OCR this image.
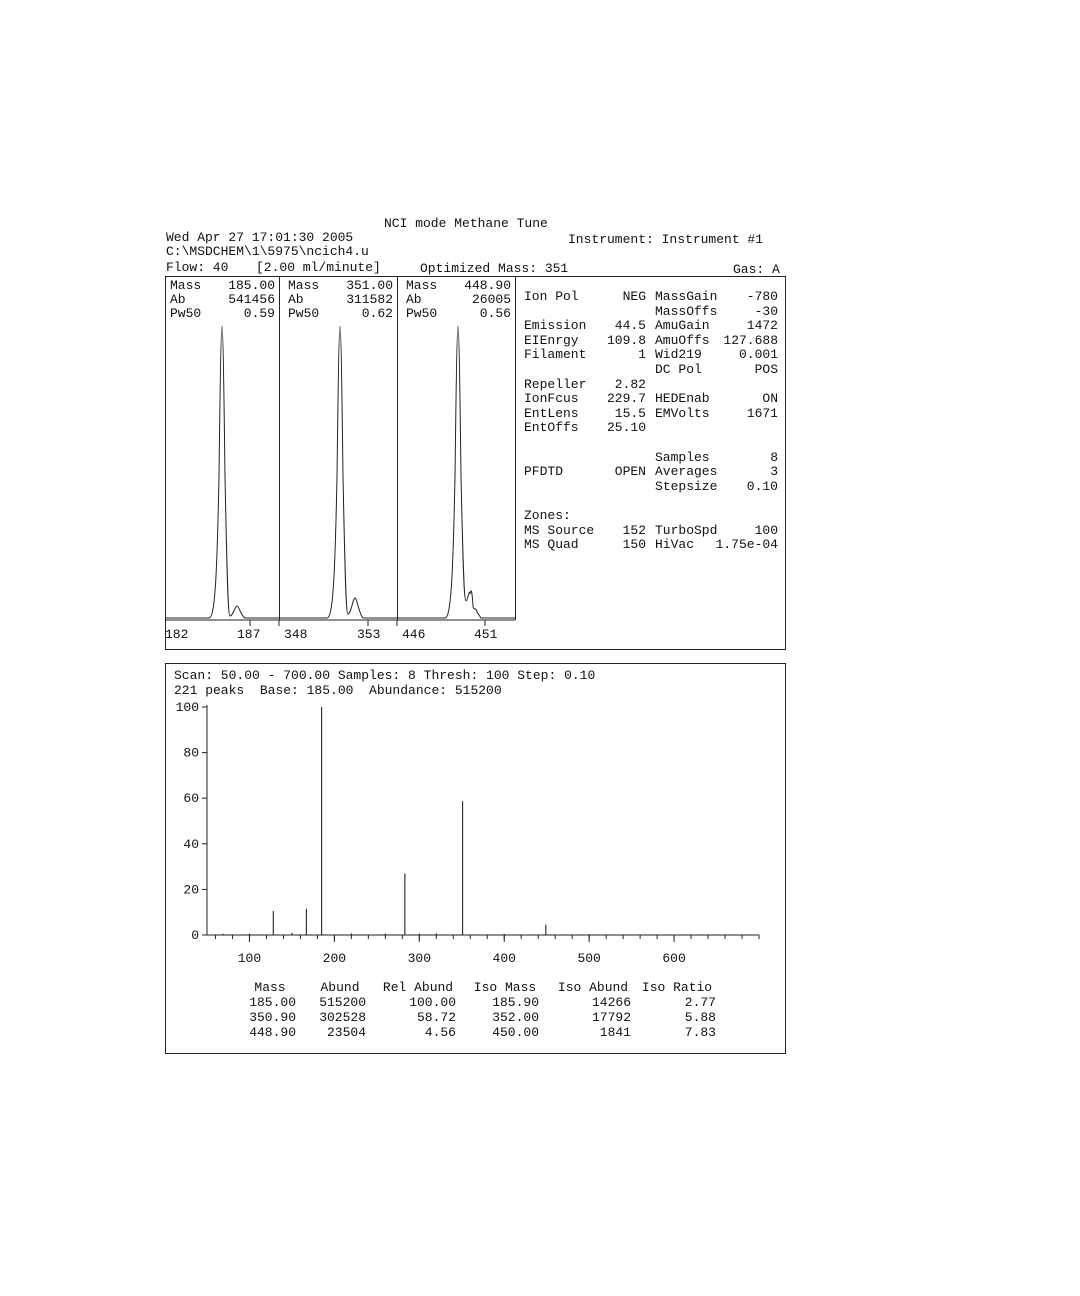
NCI mode Methane Tune
Wed Apr 27 17:01:30 2005	Instrument: Instrument #1
C:\MSDCHEM\1\5975\ncich4.u
Flow: 40 [2.00 ml/minute]	Optimized Mass: 351	Gas: A
Mass	185.00
Ab	541456
Pw50	0.59
Mass	351.00
Ab	311582
Pw50	0.62
Mass	448.90
Ab	26005
Pw50	0.56
182	187 348	353 446	451
Ion Pol	NEG MassGain	-780
MassOffs	-30
Emission	44.5 AmuGain	1472
EIEnrgy	109.8 AmuOffs	127.688
Filament	1 Wid219	0.001
DC Pol	POS
Repeller	2.82
IonFcus	229.7 HEDEnab	ON
EntLens	15.5 EMVolts	1671
EntOffs	25.10
Samples	8
PFDTD	OPEN Averages	3
Stepsize	0.10
Zones:
MS Source	152 TurboSpd	100
MS Quad	150 HiVac	1.75e-04
Scan: 50.00 - 700.00 Samples: 8 Thresh: 100 Step: 0.10
221 peaks  Base: 185.00  Abundance: 515200
0
20
40
60
80
100
100	200	300	400	500	600
Mass	Abund	Rel Abund	Iso Mass	Iso Abund	Iso Ratio
185.00	515200	100.00	185.90	14266	2.77
350.90	302528	58.72	352.00	17792	5.88
448.90	23504	4.56	450.00	1841	7.83
